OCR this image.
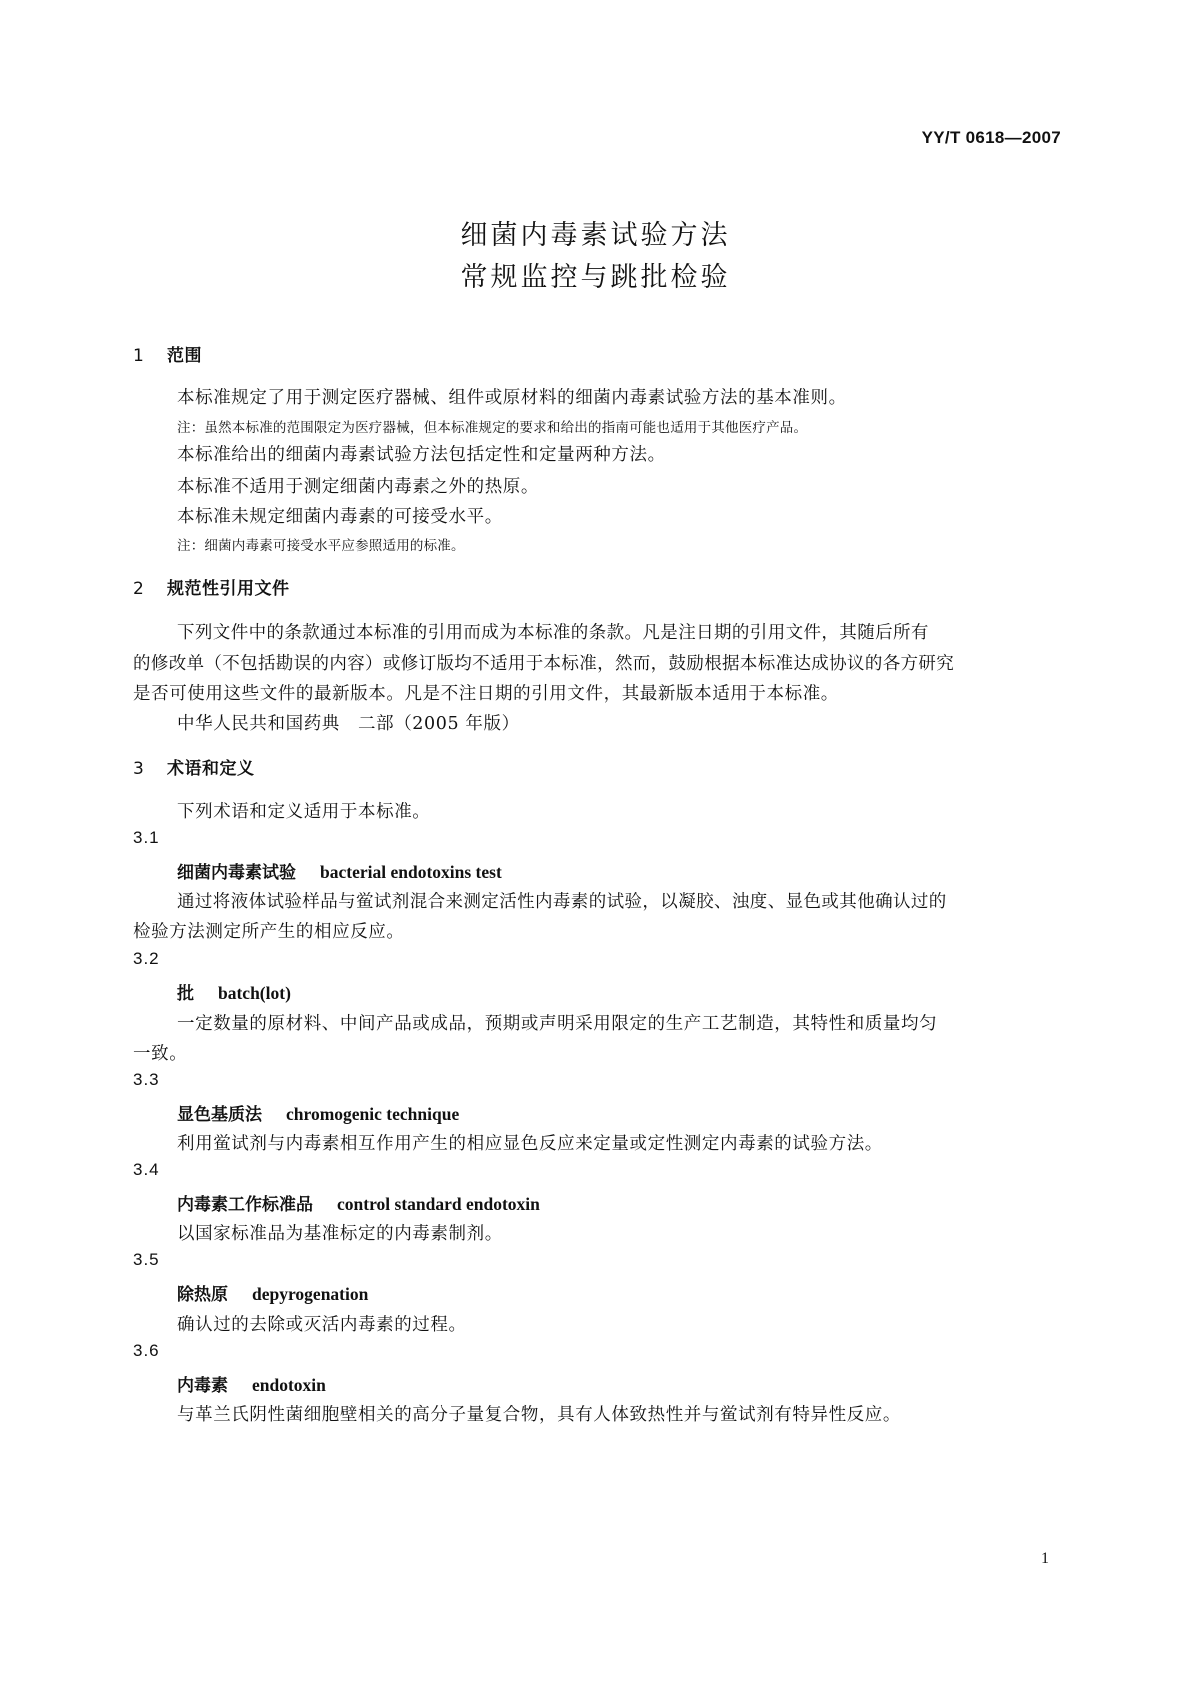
YY/T 0618—2007
细菌内毒素试验方法
常规监控与跳批检验
1 范围
本标准规定了用于测定医疗器械、组件或原材料的细菌内毒素试验方法的基本准则。
注：虽然本标准的范围限定为医疗器械，但本标准规定的要求和给出的指南可能也适用于其他医疗产品。
本标准给出的细菌内毒素试验方法包括定性和定量两种方法。
本标准不适用于测定细菌内毒素之外的热原。
本标准未规定细菌内毒素的可接受水平。
注：细菌内毒素可接受水平应参照适用的标准。
2 规范性引用文件
下列文件中的条款通过本标准的引用而成为本标准的条款。凡是注日期的引用文件，其随后所有
的修改单（不包括勘误的内容）或修订版均不适用于本标准，然而，鼓励根据本标准达成协议的各方研究
是否可使用这些文件的最新版本。凡是不注日期的引用文件，其最新版本适用于本标准。
中华人民共和国药典　二部（2005 年版）
3 术语和定义
下列术语和定义适用于本标准。
3.1
细菌内毒素试验 bacterial endotoxins test
通过将液体试验样品与鲎试剂混合来测定活性内毒素的试验，以凝胶、浊度、显色或其他确认过的
检验方法测定所产生的相应反应。
3.2
批 batch(lot)
一定数量的原材料、中间产品或成品，预期或声明采用限定的生产工艺制造，其特性和质量均匀
一致。
3.3
显色基质法 chromogenic technique
利用鲎试剂与内毒素相互作用产生的相应显色反应来定量或定性测定内毒素的试验方法。
3.4
内毒素工作标准品 control standard endotoxin
以国家标准品为基准标定的内毒素制剂。
3.5
除热原 depyrogenation
确认过的去除或灭活内毒素的过程。
3.6
内毒素 endotoxin
与革兰氏阴性菌细胞壁相关的高分子量复合物，具有人体致热性并与鲎试剂有特异性反应。
1
